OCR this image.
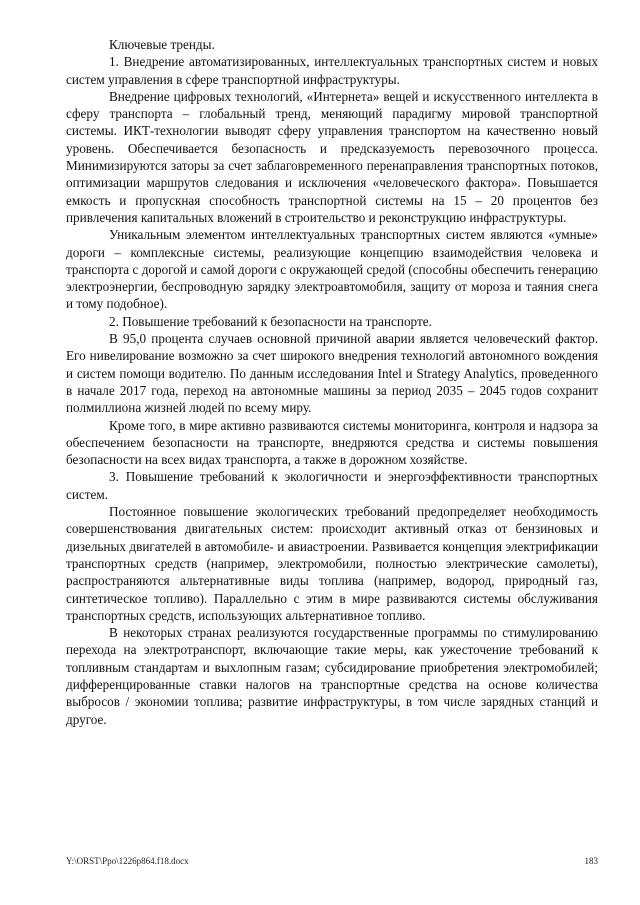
Ключевые тренды.

1. Внедрение автоматизированных, интеллектуальных транспортных систем и новых систем управления в сфере транспортной инфраструктуры.

Внедрение цифровых технологий, «Интернета» вещей и искусственного интеллекта в сферу транспорта – глобальный тренд, меняющий парадигму мировой транспортной системы. ИКТ-технологии выводят сферу управления транспортом на качественно новый уровень. Обеспечивается безопасность и предсказуемость перевозочного процесса. Минимизируются заторы за счет заблаговременного перенаправления транспортных потоков, оптимизации маршрутов следования и исключения «человеческого фактора». Повышается емкость и пропускная способность транспортной системы на 15 – 20 процентов без привлечения капитальных вложений в строительство и реконструкцию инфраструктуры.

Уникальным элементом интеллектуальных транспортных систем являются «умные» дороги – комплексные системы, реализующие концепцию взаимодействия человека и транспорта с дорогой и самой дороги с окружающей средой (способны обеспечить генерацию электроэнергии, беспроводную зарядку электроавтомобиля, защиту от мороза и таяния снега и тому подобное).

2. Повышение требований к безопасности на транспорте.

В 95,0 процента случаев основной причиной аварии является человеческий фактор. Его нивелирование возможно за счет широкого внедрения технологий автономного вождения и систем помощи водителю. По данным исследования Intel и Strategy Analytics, проведенного в начале 2017 года, переход на автономные машины за период 2035 – 2045 годов сохранит полмиллиона жизней людей по всему миру.

Кроме того, в мире активно развиваются системы мониторинга, контроля и надзора за обеспечением безопасности на транспорте, внедряются средства и системы повышения безопасности на всех видах транспорта, а также в дорожном хозяйстве.

3. Повышение требований к экологичности и энергоэффективности транспортных систем.

Постоянное повышение экологических требований предопределяет необходимость совершенствования двигательных систем: происходит активный отказ от бензиновых и дизельных двигателей в автомобиле- и авиастроении. Развивается концепция электрификации транспортных средств (например, электромобили, полностью электрические самолеты), распространяются альтернативные виды топлива (например, водород, природный газ, синтетическое топливо). Параллельно с этим в мире развиваются системы обслуживания транспортных средств, использующих альтернативное топливо.

В некоторых странах реализуются государственные программы по стимулированию перехода на электротранспорт, включающие такие меры, как ужесточение требований к топливным стандартам и выхлопным газам; субсидирование приобретения электромобилей; дифференцированные ставки налогов на транспортные средства на основе количества выбросов / экономии топлива; развитие инфраструктуры, в том числе зарядных станций и другое.

Y:\ORST\Ppo\1226p864.f18.docx	183
